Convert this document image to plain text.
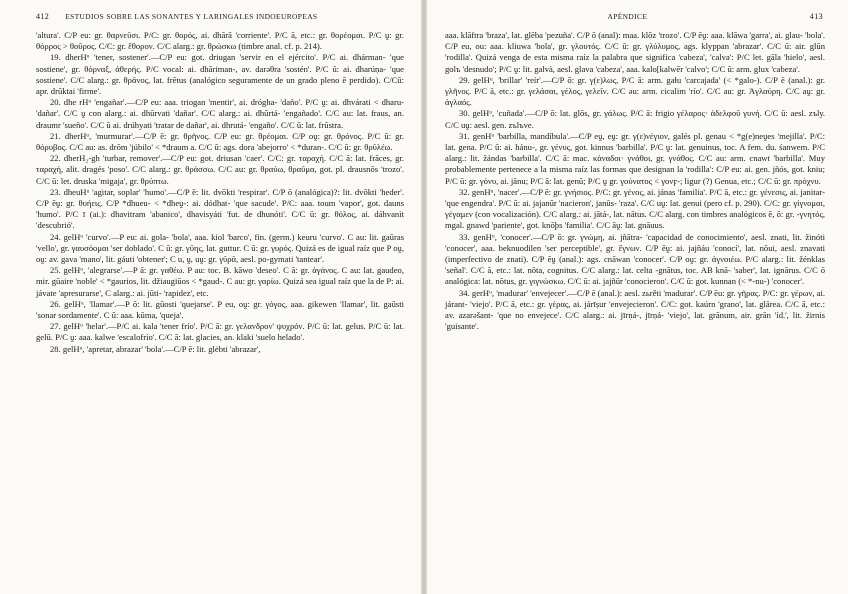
412 ESTUDIOS SOBRE LAS SONANTES Y LARINGALES INDOEUROPEAS

'altura'. C/P eu: gr. θαρνεῦσι. P/C: gr. θορός, ai. dhārā 'corriente'. P/C ā, etc.: gr. θορέομαι. P/C ṷ: gr. θόρρος > θοῦρος. C/C: gr. ἔθορον. C/C alarg.: gr. θρώσκω (timbre anal. cf. p. 214).

19. dherHᵘ 'tener, sostener'.—C/P eu: got. driugan 'servir en el ejército'. P/C ai. dhárman- 'que sostiene', gr. θόρναξ, ἀθερής. P/C vocal: ai. dhāriman-, av. darǝθra 'sostén'. P/C ū: ai. dharúṇa- 'que sostiene'. C/C alarg.: gr. θρᾶνος, lat. frētus (analógico seguramente de un grado pleno ē perdido). C/Cū: apr. drūktai 'firme'.

20. dhe rHᵘ 'engañar'.—C/P eu: aaa. triogan 'mentir', ai. drógha- 'daño'. P/C ṷ: ai. dhvárati < dharu- 'dañar'. C/C ṷ con alarg.: ai. dhūrvati 'dañar'. C/C alarg.: ai. dhūrtá- 'engañado'. C/C au: lat. fraus, an. draumr 'sueño'. C/C ū ai. drúhyati 'tratar de dañar', ai. dhrutá- 'engaño'. C/C ū: lat. frūstra.

21. dherHᵘ, 'murmurar'.—C/P ē: gr. θρῆνος. C/P eu: gr. θρέομαι. C/P oṷ: gr. θρόνος. P/C ū: gr. θόρυβος. C/C au: as. drōm 'júbilo' < *draum a. C/C ū: ags. dora 'abejorro' < *duran-. C/C ū: gr. θρῦλέω.

22. dherH₂-gh 'turbar, remover'.—C/P eu: got. driusan 'caer'. C/C: gr. ταραχή. C/C ā: lat. frāces, gr. ταραχή, alit. dragés 'poso'. C/C alarg.: gr. θράσσω. C/C au: gr. θραύω, θραῦμα, got. pl. drausnōs 'trozo'. C/C ū: let. druska 'migaja', gr. θρύπτω.

23. dheuHᵘ 'agitar, soplar' 'humo'.—C/P ē: lit. dvōkti 'respirar'. C/P ō (analógica)?: lit. dvōkti 'heder'. C/P ēṷ: gr. θυήεις. C/P *dhueu- < *dheṷ-: ai. dódhat- 'que sacude'. P/C: aaa. toum 'vapor', got. dauns 'humo'. P/C ī (ai.): dhavitram 'abanico', dhavisyáti 'fut. de dhunóti'. C/C ū: gr. θόλος, ai. dáhvanìt 'descubrió'.

24. gelHᵘ 'curvo'.—P eu: ai. gola- 'bola', aaa. kiol 'barco', fin. (germ.) keuru 'curvo'. C au: lit. gaūras 'vello', gr. γαυσόομαι 'ser doblado'. C ū: gr. γῦης, lat. guttur. C ū: gr. γυρός. Quizá es de igual raíz que P oṷ, oṷ: av. gava 'mano', lit. gáuti 'obtener'; C u, ṷ, uṷ: gr. γῦρᾶ, aesl. po-gymati 'tantear'.

25. gelHᵘ, 'alegrarse'.—P ā: gr. γαθέω. P au: toc. B. kāwo 'deseo'. C ā: gr. ἀγάνος. C au: lat. gaudeo, mir. gūaire 'noble' < *gaurios, lit. džiaugiūos < *gaud-. C au: gr. γαρίω. Quizá sea igual raíz que la de P: ai. jávate 'apresurarse', C alarg.: ai. jūti- 'rapidez', etc.

26. gelHᵘ, 'llamar'.—P ō: lit. gūosti 'quejarse'. P eu, oṷ: gr. γόγος, aaa. gikewen 'llamar', lit. gaūsti 'sonar sordamente'. C ū: aaa. kūma, 'queja'.

27. gelHᵘ 'helar'.—P/C ai. kala 'tener frío'. P/C ā: gr. γελανδρον' ψυχρόν. P/C ū: lat. gelus. P/C ū: lat. gelū. P/C ṷ: aaa. kalwe 'escalofrío'. C/C ā: lat. glacies, an. klaki 'suelo helado'.

28. gelHᵘ, 'apretar, abrazar' 'bola'.—C/P ē: lit. glėbti 'abrazar',

APÉNDICE	413

aaa. klāftra 'braza', lat. glēba 'pezuña'. C/P ō (anal): maa. klōz 'trozo'. C/P ēṷ: aaa. klāwa 'garra', ai. glau- 'bola'. C/P eu, ou: aaa. kliuwa 'bola', gr. γλουτός. C/C ū: gr. γλύλυμος, ags. klyppan 'abrazar'. C/C ū: air. glūn 'rodilla'. Quizá venga de esta misma raíz la palabra que significa 'cabeza', 'calva': P/C let. gāla 'hielo', aesl. golъ 'desnudo'; P/C ṷ: lit. galvà, aesl. glava 'cabeza', aaa. kalo[kalwēr 'calvo'; C/C ū: arm. glux 'cabeza'.

29. gelHᵘ, 'brillar' 'reír'.—C/P ō: gr. γ(ε)λως, P/C ā: arm. gaɫu 'carcajada' (< *galo-). C/P ē (anal.): gr. γλῆνος. P/C ā, etc.: gr. γελάσαι, γέλος, γελεῖν. C/C ǝu: arm. cicalim 'río'. C/C au: gr. Ἀγλαύρη. C/C aṷ: gr. ἀγλαός.

30. gelHᵘ, 'cuñada'.—C/P ō: lat. glōs, gr. γάλως. P/C ā: frigio γέλαρος· ἀδελφοῦ γυνή. C/C ū: aesl. zъlу. C/C uṷ: aesl. gen. zъlъve.

31. genHᵘ 'barbilla, mandíbula'.—C/P eṷ, eṷ: gr. γ(ε)νέγιον, galés pl. genau < *g(e)neṷes 'mejilla'. P/C: lat. gena. P/C ū: ai. hánu-, gr. γένυς, got. kinnus 'barbilla'. P/C ṷ: lat. genuinus, toc. A fem. du. śanwem. P/C alarg.: lit. žándas 'barbilla'. C/C ā: mac. κάναδοι· γνάθοι, gr. γνάθος. C/C au: arm. cnawt 'barbilla'. Muy probablemente pertenece a la misma raíz las formas que designan la 'rodilla': C/P eu: ai. gen. jñós, got. kniu; P/C ū: gr. γόνυ, ai. jānu; P/C ā: lat. genū; P/C ṷ gr. γούνατος < γονϝ-; ligur (?) Genua, etc.; C/C ū: gr. πρόχνυ.

32. genHᵘ, 'nacer'.—C/P ē: gr. γνήσιος. P/C: gr. γένος, ai. jánas 'familia'. P/C ā, etc.: gr. γένεσις, ai. janitar- 'que engendra'. P/C ū: ai. jajanūr 'nacieron', janūs- 'raza'. C/C uṷ: lat. genui (pero cf. p. 290). C/C: gr. γίγνομαι, γέγαμεν (con vocalización). C/C alarg.: ai. jātá-, lat. nātus. C/C alarg. con timbres analógicos ē, ō: gr. -γνητός, mgal. gnawd 'pariente', got. knōþs 'familia'. C/C āṷ: lat. gnāuus.

33. genHᵘ, 'conocer'.—C/P ō: gr. γνώμη, ai. jñātra- 'capacidad de conocimiento', aesl. znati, lit. žinóti 'conocer', aaa. beknuodilen 'ser perceptible', gr. ἔγνων. C/P ēṷ: ai. jajñáu 'conocí', lat. nōui, aesl. znavati (imperfectivo de znati). C/P ēṷ (anal.): ags. cnāwan 'conocer'. C/P oṷ: gr. ἀγνοιέω. P/C alarg.: lit. žénklas 'señal'. C/C ā, etc.: lat. nōta, cognitus. C/C alarg.: lat. celta -gnātus, toc. AB knā- 'saber', lat. ignārus. C/C ō analógica: lat. nōtus, gr. γιγνώσκω. C/C ū: ai. jajñūr 'conocieron'. C/C ū: got. kunnan (< *-nu-) 'conocer'.

34. gerHᵘ, 'madurar' 'envejecer'.—C/P ē (anal.): aesl. zьrěti 'madurar'. C/P ēu: gr. γῆρας. P/C: gr. γέρων, ai. járant- 'viejo'. P/C ā, etc.: gr. γέρας, ai. járīṣur 'envejecieron'. C/C: got. kaúrn 'grano', lat. glārea. C/C ā, etc.: av. azarǝšant- 'que no envejece'. C/C alarg.: ai. jīrṇá-, jīrṇá- 'viejo', lat. grānum, air. grān 'íd.', lit. žirnis 'guisante'.
